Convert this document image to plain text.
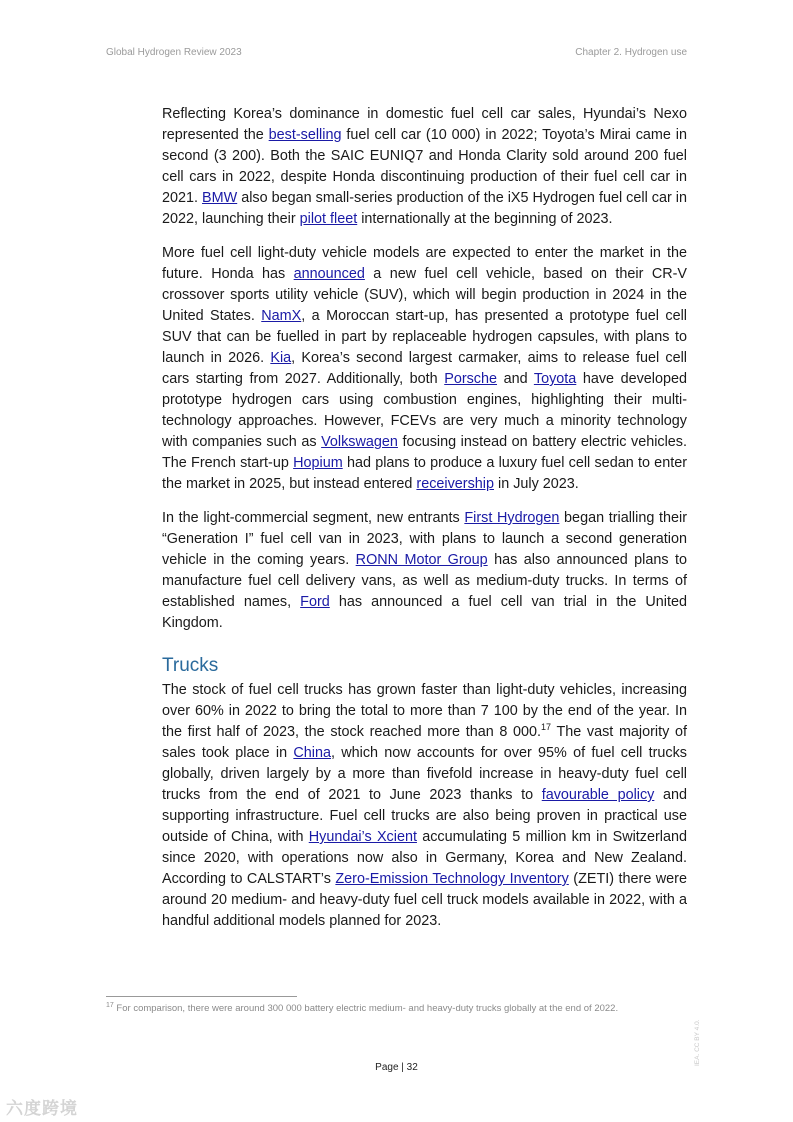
Global Hydrogen Review 2023	Chapter 2. Hydrogen use

Reflecting Korea’s dominance in domestic fuel cell car sales, Hyundai’s Nexo represented the best-selling fuel cell car (10 000) in 2022; Toyota’s Mirai came in second (3 200). Both the SAIC EUNIQ7 and Honda Clarity sold around 200 fuel cell cars in 2022, despite Honda discontinuing production of their fuel cell car in 2021. BMW also began small-series production of the iX5 Hydrogen fuel cell car in 2022, launching their pilot fleet internationally at the beginning of 2023.

More fuel cell light-duty vehicle models are expected to enter the market in the future. Honda has announced a new fuel cell vehicle, based on their CR-V crossover sports utility vehicle (SUV), which will begin production in 2024 in the United States. NamX, a Moroccan start-up, has presented a prototype fuel cell SUV that can be fuelled in part by replaceable hydrogen capsules, with plans to launch in 2026. Kia, Korea’s second largest carmaker, aims to release fuel cell cars starting from 2027. Additionally, both Porsche and Toyota have developed prototype hydrogen cars using combustion engines, highlighting their multi-technology approaches. However, FCEVs are very much a minority technology with companies such as Volkswagen focusing instead on battery electric vehicles. The French start-up Hopium had plans to produce a luxury fuel cell sedan to enter the market in 2025, but instead entered receivership in July 2023.

In the light-commercial segment, new entrants First Hydrogen began trialling their “Generation I” fuel cell van in 2023, with plans to launch a second generation vehicle in the coming years. RONN Motor Group has also announced plans to manufacture fuel cell delivery vans, as well as medium-duty trucks. In terms of established names, Ford has announced a fuel cell van trial in the United Kingdom.

Trucks

The stock of fuel cell trucks has grown faster than light-duty vehicles, increasing over 60% in 2022 to bring the total to more than 7 100 by the end of the year. In the first half of 2023, the stock reached more than 8 000.17 The vast majority of sales took place in China, which now accounts for over 95% of fuel cell trucks globally, driven largely by a more than fivefold increase in heavy-duty fuel cell trucks from the end of 2021 to June 2023 thanks to favourable policy and supporting infrastructure. Fuel cell trucks are also being proven in practical use outside of China, with Hyundai’s Xcient accumulating 5 million km in Switzerland since 2020, with operations now also in Germany, Korea and New Zealand. According to CALSTART’s Zero-Emission Technology Inventory (ZETI) there were around 20 medium- and heavy-duty fuel cell truck models available in 2022, with a handful additional models planned for 2023.

$^{17}$ For comparison, there were around 300 000 battery electric medium- and heavy-duty trucks globally at the end of 2022.
Page | 32
IEA. CC BY 4.0.
六度跨境
